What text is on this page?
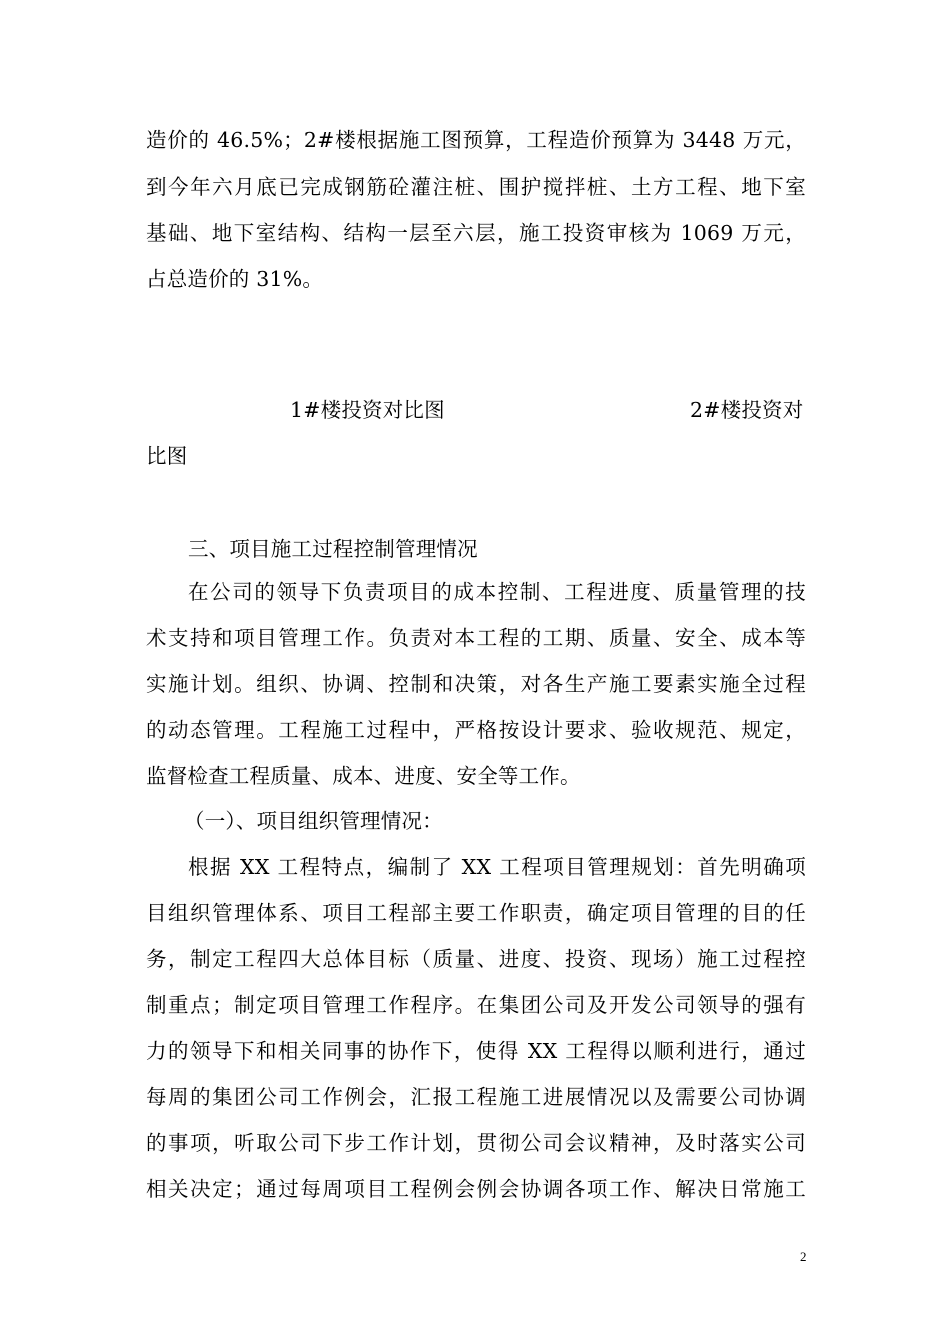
造价的 46.5%；2#楼根据施工图预算，工程造价预算为 3448 万元，
到今年六月底已完成钢筋砼灌注桩、围护搅拌桩、土方工程、地下室
基础、地下室结构、结构一层至六层，施工投资审核为 1069 万元，
占总造价的 31%。
1#楼投资对比图	2#楼投资对
比图
三、项目施工过程控制管理情况
在公司的领导下负责项目的成本控制、工程进度、质量管理的技
术支持和项目管理工作。负责对本工程的工期、质量、安全、成本等
实施计划。组织、协调、控制和决策，对各生产施工要素实施全过程
的动态管理。工程施工过程中，严格按设计要求、验收规范、规定，
监督检查工程质量、成本、进度、安全等工作。
（一）、项目组织管理情况：
根据 XX 工程特点，编制了 XX 工程项目管理规划：首先明确项
目组织管理体系、项目工程部主要工作职责，确定项目管理的目的任
务，制定工程四大总体目标（质量、进度、投资、现场）施工过程控
制重点；制定项目管理工作程序。在集团公司及开发公司领导的强有
力的领导下和相关同事的协作下，使得 XX 工程得以顺利进行，通过
每周的集团公司工作例会，汇报工程施工进展情况以及需要公司协调
的事项，听取公司下步工作计划，贯彻公司会议精神，及时落实公司
相关决定；通过每周项目工程例会例会协调各项工作、解决日常施工
2
